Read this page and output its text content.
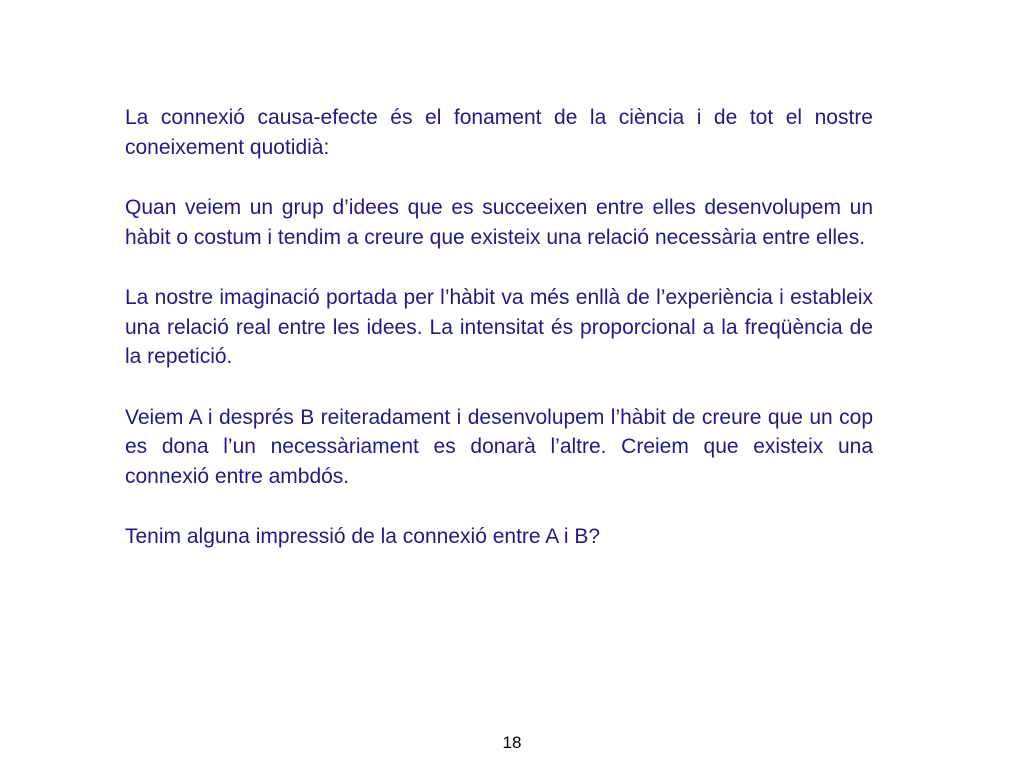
La connexió causa-efecte és el fonament de la ciència i de tot el nostre coneixement quotidià:

Quan veiem un grup d’idees que es succeeixen entre elles desenvolupem un hàbit o costum i tendim a creure que existeix una relació necessària entre elles.

La nostre imaginació portada per l’hàbit va més enllà de l’experiència i estableix una relació real entre les idees. La intensitat és proporcional a la freqüència de la repetició.

Veiem A i després B reiteradament i desenvolupem l’hàbit de creure que un cop es dona l’un necessàriament es donarà l’altre. Creiem que existeix una connexió entre ambdós.

Tenim alguna impressió de la connexió entre A i B?

18
